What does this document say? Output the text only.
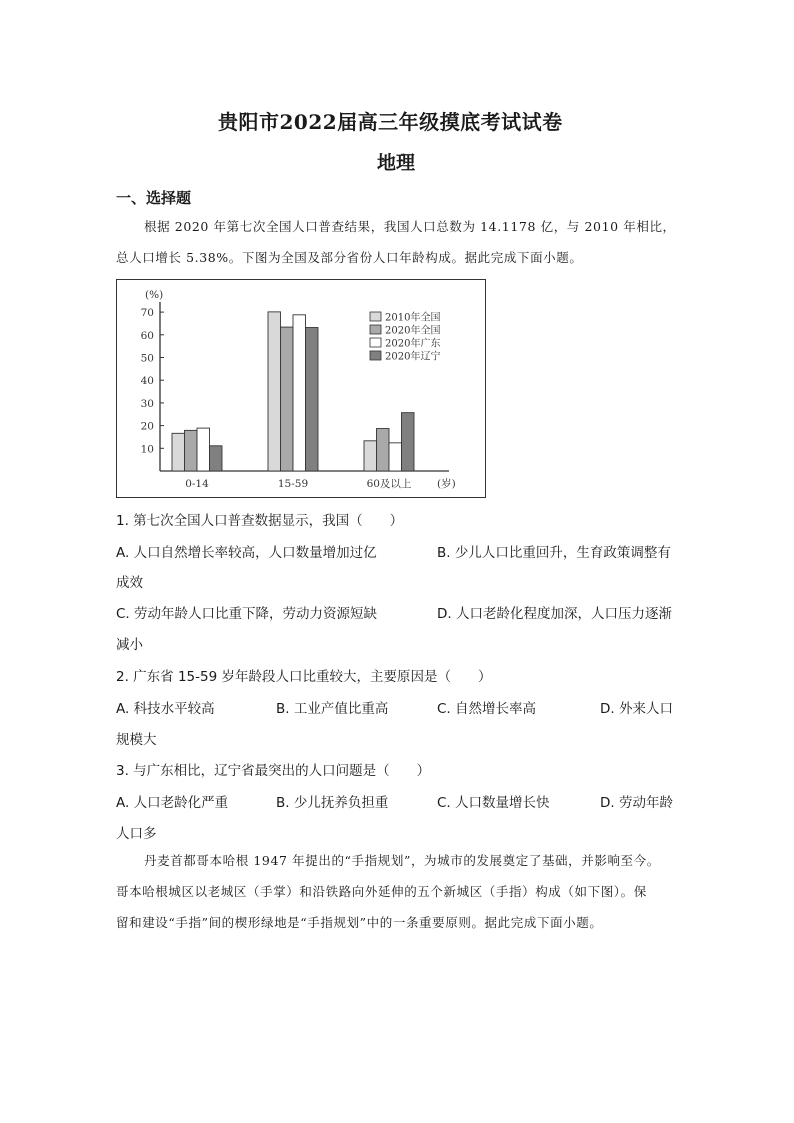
贵阳市2022届高三年级摸底考试试卷
地理
一、选择题
根据 2020 年第七次全国人口普查结果，我国人口总数为 14.1178 亿，与 2010 年相比，
总人口增长 5.38%。下图为全国及部分省份人口年龄构成。据此完成下面小题。
10
20
30
40
50
60
70
(%)
0-14	15-59	60及以上 (岁)
2010年全国
2020年全国
2020年广东
2020年辽宁
1. 第七次全国人口普查数据显示，我国（　　）
A. 人口自然增长率较高，人口数量增加过亿	B. 少儿人口比重回升，生育政策调整有
成效
C. 劳动年龄人口比重下降，劳动力资源短缺	D. 人口老龄化程度加深，人口压力逐渐
减小
2. 广东省 15-59 岁年龄段人口比重较大，主要原因是（　　）
A. 科技水平较高	B. 工业产值比重高	C. 自然增长率高	D. 外来人口
规模大
3. 与广东相比，辽宁省最突出的人口问题是（　　）
A. 人口老龄化严重	B. 少儿抚养负担重	C. 人口数量增长快	D. 劳动年龄
人口多
丹麦首都哥本哈根 1947 年提出的“手指规划”，为城市的发展奠定了基础，并影响至今。
哥本哈根城区以老城区（手掌）和沿铁路向外延伸的五个新城区（手指）构成（如下图）。保
留和建设“手指”间的楔形绿地是“手指规划”中的一条重要原则。据此完成下面小题。
